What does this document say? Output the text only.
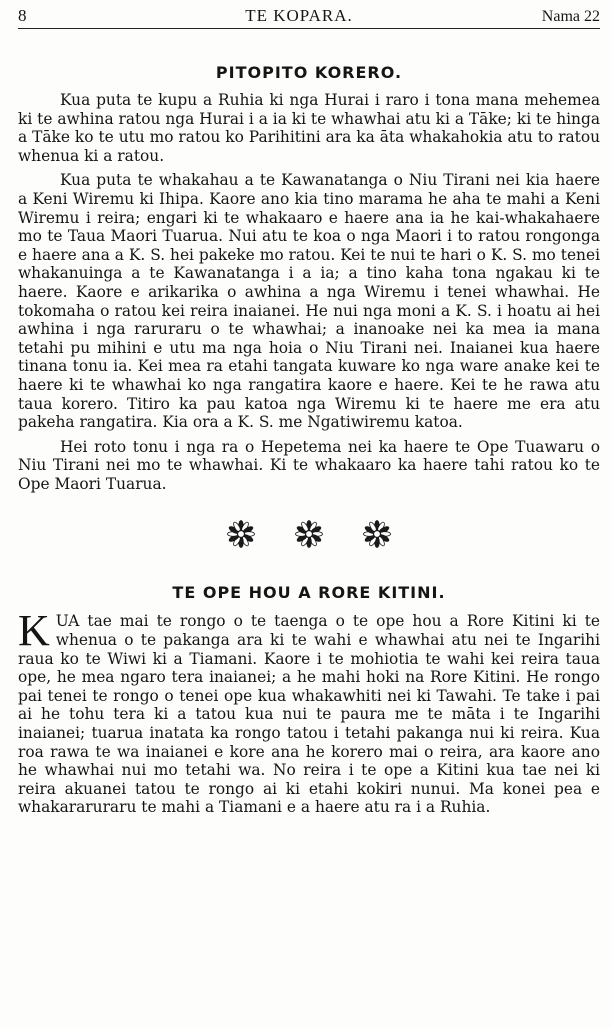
8	TE KOPARA.	Nama 22
PITOPITO KORERO.

Kua puta te kupu a Ruhia ki nga Hurai i raro i tona mana mehemea ki te awhina ratou nga Hurai i a ia ki te whawhai atu ki a Tāke; ki te hinga a Tāke ko te utu mo ratou ko Parihitini ara ka āta whakahokia atu to ratou whenua ki a ratou.

Kua puta te whakahau a te Kawanatanga o Niu Tirani nei kia haere a Keni Wiremu ki Ihipa. Kaore ano kia tino marama he aha te mahi a Keni Wiremu i reira; engari ki te whakaaro e haere ana ia he kai-whakahaere mo te Taua Maori Tuarua. Nui atu te koa o nga Maori i to ratou rongonga e haere ana a K. S. hei pakeke mo ratou. Kei te nui te hari o K. S. mo tenei whakanuinga a te Kawanatanga i a ia; a tino kaha tona ngakau ki te haere. Kaore e arikarika o awhina a nga Wiremu i tenei whawhai. He tokomaha o ratou kei reira inaianei. He nui nga moni a K. S. i hoatu ai hei awhina i nga raruraru o te whawhai; a inanoake nei ka mea ia mana tetahi pu mihini e utu ma nga hoia o Niu Tirani nei. Inaianei kua haere tinana tonu ia. Kei mea ra etahi tangata kuware ko nga ware anake kei te haere ki te whawhai ko nga rangatira kaore e haere. Kei te he rawa atu taua korero. Titiro ka pau katoa nga Wiremu ki te haere me era atu pakeha rangatira. Kia ora a K. S. me Ngatiwiremu katoa.

Hei roto tonu i nga ra o Hepetema nei ka haere te Ope Tuawaru o Niu Tirani nei mo te whawhai. Ki te whakaaro ka haere tahi ratou ko te Ope Maori Tuarua.

TE OPE HOU A RORE KITINI.

KUA tae mai te rongo o te taenga o te ope hou a Rore Kitini ki te whenua o te pakanga ara ki te wahi e whawhai atu nei te Ingarihi raua ko te Wiwi ki a Tiamani. Kaore i te mohiotia te wahi kei reira taua ope, he mea ngaro tera inaianei; a he mahi hoki na Rore Kitini. He rongo pai tenei te rongo o tenei ope kua whakawhiti nei ki Tawahi. Te take i pai ai he tohu tera ki a tatou kua nui te paura me te māta i te Ingarihi inaianei; tuarua inatata ka rongo tatou i tetahi pakanga nui ki reira. Kua roa rawa te wa inaianei e kore ana he korero mai o reira, ara kaore ano he whawhai nui mo tetahi wa. No reira i te ope a Kitini kua tae nei ki reira akuanei tatou te rongo ai ki etahi kokiri nunui. Ma konei pea e whakararuraru te mahi a Tiamani e a haere atu ra i a Ruhia.
